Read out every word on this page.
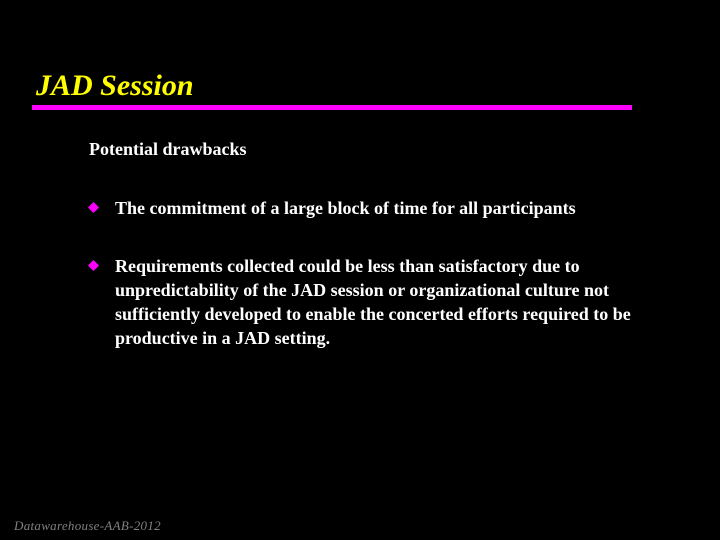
JAD Session
Potential drawbacks
The commitment of a large block of time for all participants
Requirements collected could be less than satisfactory due to unpredictability of the JAD session or organizational culture not sufficiently developed to enable the concerted efforts required to be productive in a JAD setting.
Datawarehouse-AAB-2012
